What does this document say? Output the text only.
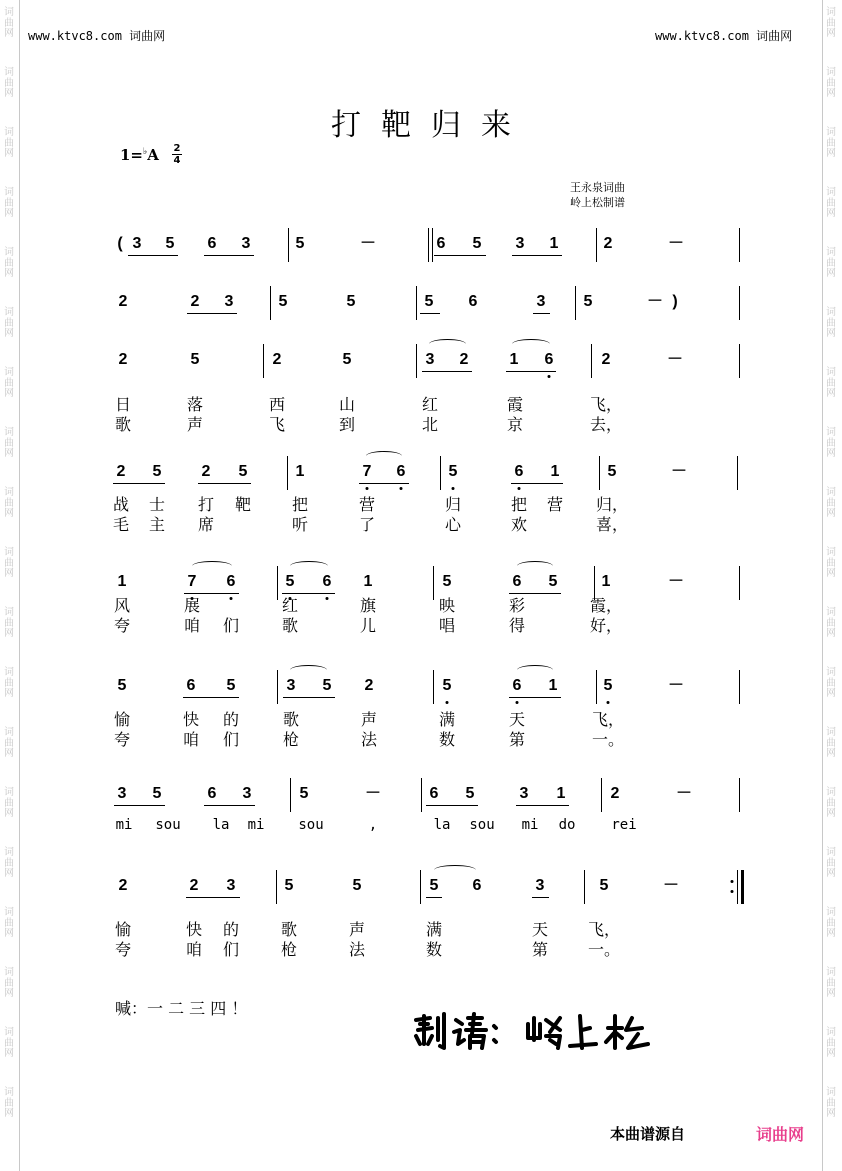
词
曲
网
词
曲
网
词
曲
网
词
曲
网
词
曲
网
词
曲
网
词
曲
网
词
曲
网
词
曲
网
词
曲
网
词
曲
网
词
曲
网
词
曲
网
词
曲
网
词
曲
网
词
曲
网
词
曲
网
词
曲
网
词
曲
网
词
曲
网
词
曲
网
词
曲
网
词
曲
网
词
曲
网
词
曲
网
词
曲
网
词
曲
网
词
曲
网
词
曲
网
词
曲
网
词
曲
网
词
曲
网
词
曲
网
词
曲
网
词
曲
网
词
曲
网
词
曲
网
词
曲
网
www.ktvc8.com 词曲网	www.ktvc8.com 词曲网
打靶归来
1=♭A 2
4
王永泉词曲
岭上松制谱
( 3 5 6 3	5	－	6 5 3 1	2	－
2	2 3	5	5	5 6	3 5	－ )
2	5	2	5	3 2	1 6	2	－
日	落	西	山	红	霞	飞，
歌	声	飞	到	北	京	去，
2 5	2 5	1	7 6	5	6 1	5	－
战 士 打 靶	把	营	归	把 营 归，
毛 主 席	听	了	心	欢	喜，
1	7 6	5 6 1	5	6 5	1	－
风	展	红	旗	映	彩	霞，
夸	咱 们	歌	儿	唱	得	好，
5	6 5	3 5 2	5	6 1	5	－
愉	快 的	歌	声	满	天	飞，
夸	咱 们	枪	法	数	第	一。
3 5	6 3	5	－	6 5	3 1	2	－
mi sou la mi sou	,	la sou mi do	rei
2	2 3	5	5	5 6	3	5	－
愉	快 的	歌	声	满	天 飞，
夸	咱 们	枪	法	数	第 一。
喊：一 二 三 四 ！
本曲谱源自	词曲网
